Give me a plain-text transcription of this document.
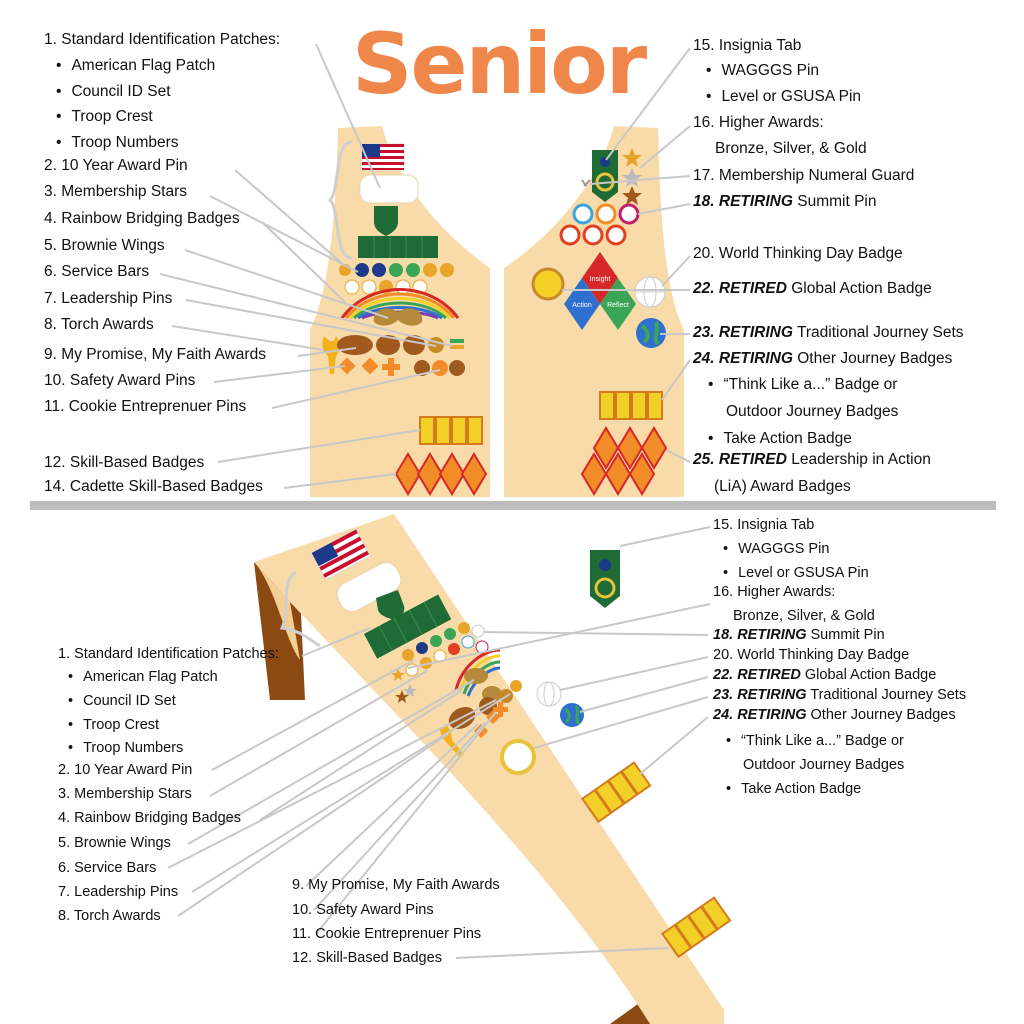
Insight
Action Reflect
Senior
1. Standard Identification Patches:
• American Flag Patch
• Council ID Set
• Troop Crest
• Troop Numbers
2. 10 Year Award Pin
3. Membership Stars
4. Rainbow Bridging Badges
5. Brownie Wings
6. Service Bars
7. Leadership Pins
8. Torch Awards
9. My Promise, My Faith Awards
10. Safety Award Pins
11. Cookie Entreprenuer Pins
12. Skill-Based Badges
14. Cadette Skill-Based Badges
15. Insignia Tab
• WAGGGS Pin
• Level or GSUSA Pin
16. Higher Awards:
Bronze, Silver, & Gold
17. Membership Numeral Guard
18. RETIRING Summit Pin
20. World Thinking Day Badge
22. RETIRED Global Action Badge
23. RETIRING Traditional Journey Sets
24. RETIRING Other Journey Badges
• “Think Like a...” Badge or
Outdoor Journey Badges
• Take Action Badge
25. RETIRED Leadership in Action
(LiA) Award Badges
15. Insignia Tab
• WAGGGS Pin
• Level or GSUSA Pin
16. Higher Awards:
Bronze, Silver, & Gold
18. RETIRING Summit Pin
20. World Thinking Day Badge
22. RETIRED Global Action Badge
23. RETIRING Traditional Journey Sets
24. RETIRING Other Journey Badges
• “Think Like a...” Badge or
Outdoor Journey Badges
• Take Action Badge
1. Standard Identification Patches:
• American Flag Patch
• Council ID Set
• Troop Crest
• Troop Numbers
2. 10 Year Award Pin
3. Membership Stars
4. Rainbow Bridging Badges
5. Brownie Wings
6. Service Bars
7. Leadership Pins
8. Torch Awards
9. My Promise, My Faith Awards
10. Safety Award Pins
11. Cookie Entreprenuer Pins
12. Skill-Based Badges
